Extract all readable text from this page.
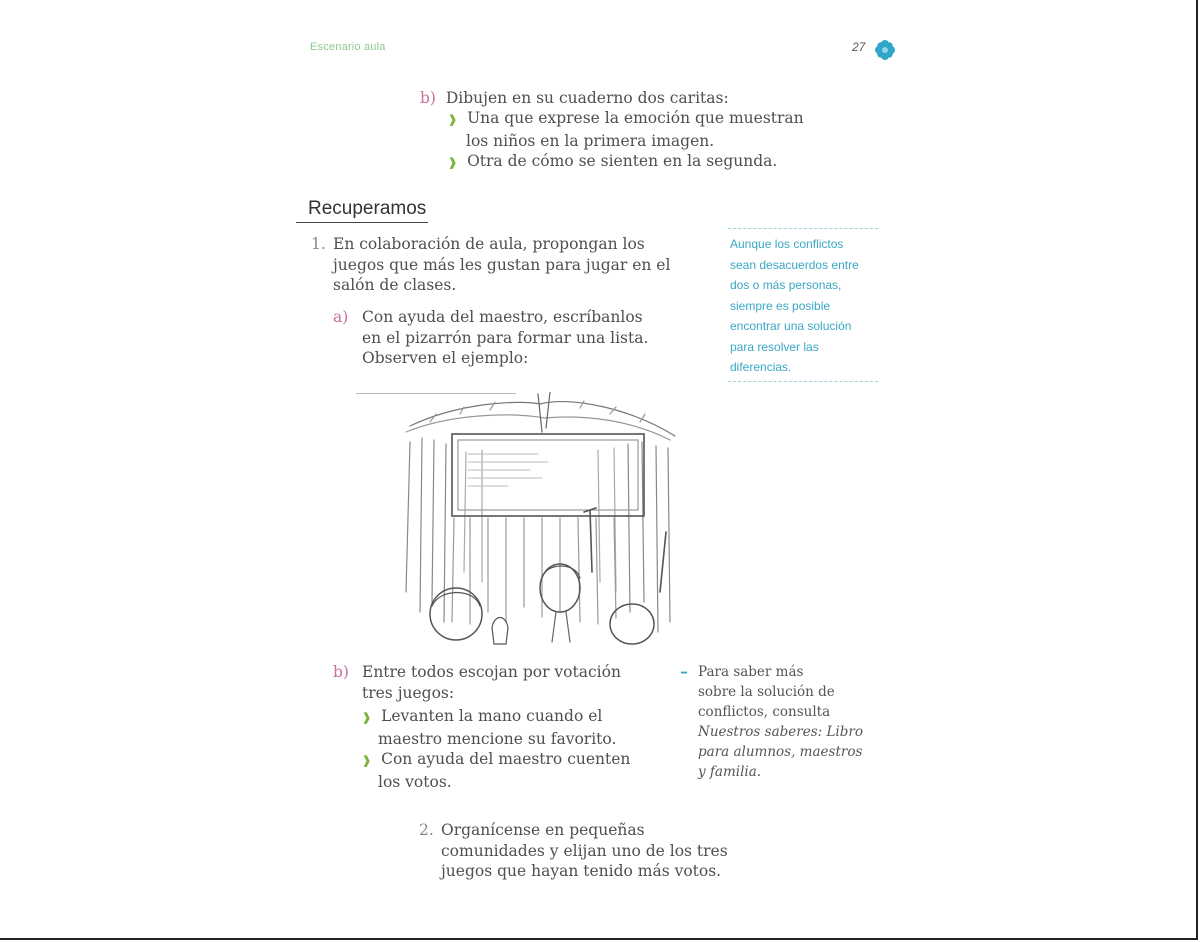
Escenario aula	27
b) Dibujen en su cuaderno dos caritas:
❱ Una que exprese la emoción que muestran
los niños en la primera imagen.
❱ Otra de cómo se sienten en la segunda.
Recuperamos
1. En colaboración de aula, propongan los
juegos que más les gustan para jugar en el
salón de clases.
a) Con ayuda del maestro, escríbanlos
en el pizarrón para formar una lista.
Observen el ejemplo:
Aunque los conflictos
sean desacuerdos entre
dos o más personas,
siempre es posible
encontrar una solución
para resolver las
diferencias.
b) Entre todos escojan por votación
tres juegos:
❱ Levanten la mano cuando el
maestro mencione su favorito.
❱ Con ayuda del maestro cuenten
los votos.
– Para saber más
sobre la solución de
conflictos, consulta
Nuestros saberes: Libro
para alumnos, maestros
y familia.
2. Organícense en pequeñas
comunidades y elijan uno de los tres
juegos que hayan tenido más votos.
